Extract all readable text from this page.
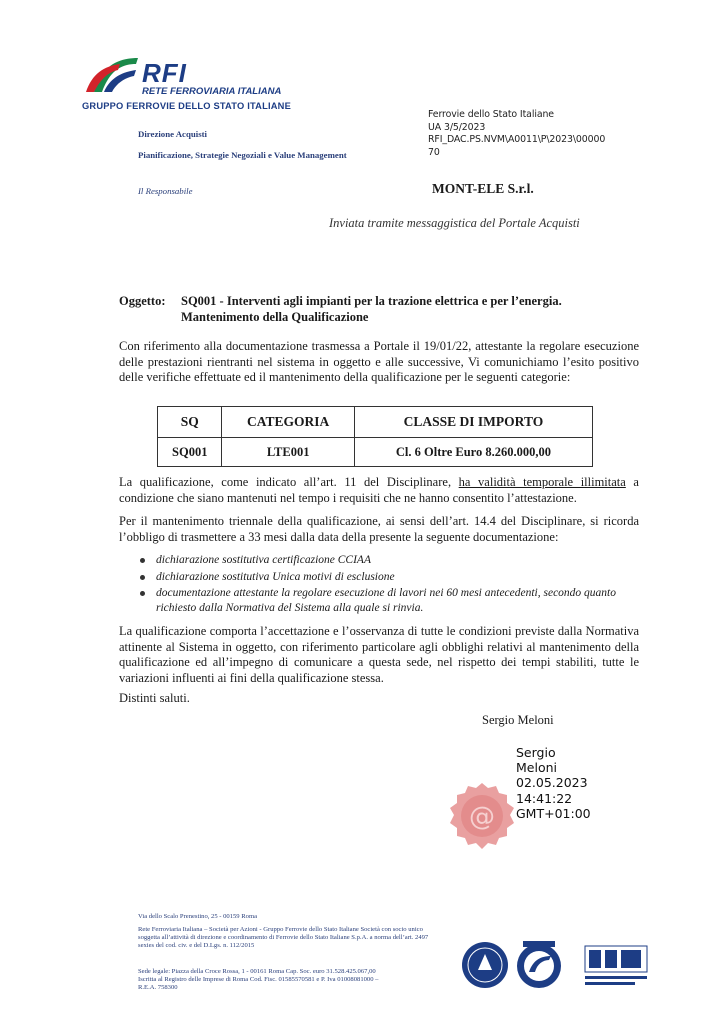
RFI
RETE FERROVIARIA ITALIANA
GRUPPO FERROVIE DELLO STATO ITALIANE
Direzione Acquisti
Pianificazione, Strategie Negoziali e Value Management
Il Responsabile
Ferrovie dello Stato Italiane
UA 3/5/2023
RFI_DAC.PS.NVM\A0011\P\2023\00000
70
MONT-ELE S.r.l.
Inviata tramite messaggistica del Portale Acquisti
Oggetto: SQ001 - Interventi agli impianti per la trazione elettrica e per l’energia. Mantenimento della Qualificazione
Con riferimento alla documentazione trasmessa a Portale il 19/01/22, attestante la regolare esecuzione delle prestazioni rientranti nel sistema in oggetto e alle successive, Vi comunichiamo l’esito positivo delle verifiche effettuate ed il mantenimento della qualificazione per le seguenti categorie:
SQ	CATEGORIA	CLASSE DI IMPORTO
SQ001	LTE001	Cl. 6 Oltre Euro 8.260.000,00
La qualificazione, come indicato all’art. 11 del Disciplinare, ha validità temporale illimitata a condizione che siano mantenuti nel tempo i requisiti che ne hanno consentito l’attestazione.
Per il mantenimento triennale della qualificazione, ai sensi dell’art. 14.4 del Disciplinare, si ricorda l’obbligo di trasmettere a 33 mesi dalla data della presente la seguente documentazione:
dichiarazione sostitutiva certificazione CCIAA
dichiarazione sostitutiva Unica motivi di esclusione
documentazione attestante la regolare esecuzione di lavori nei 60 mesi antecedenti, secondo quanto richiesto dalla Normativa del Sistema alla quale si rinvia.
La qualificazione comporta l’accettazione e l’osservanza di tutte le condizioni previste dalla Normativa attinente al Sistema in oggetto, con riferimento particolare agli obblighi relativi al mantenimento della qualificazione ed all’impegno di comunicare a questa sede, nel rispetto dei tempi stabiliti, tutte le variazioni influenti ai fini della qualificazione stessa.
Distinti saluti.
Sergio Meloni
@
Sergio
Meloni
02.05.2023
14:41:22
GMT+01:00
Via dello Scalo Prenestino, 25 - 00159 Roma
Rete Ferroviaria Italiana – Società per Azioni - Gruppo Ferrovie dello Stato Italiane Società con socio unico soggetta all’attività di direzione e coordinamento di Ferrovie dello Stato Italiane S.p.A. a norma dell’art. 2497 sexies del cod. civ. e del D.Lgs. n. 112/2015
Sede legale: Piazza della Croce Rossa, 1 - 00161 Roma Cap. Soc. euro 31.528.425.067,00 Iscritta al Registro delle Imprese di Roma Cod. Fisc. 01585570581 e P. Iva 01008081000 – R.E.A. 758300
